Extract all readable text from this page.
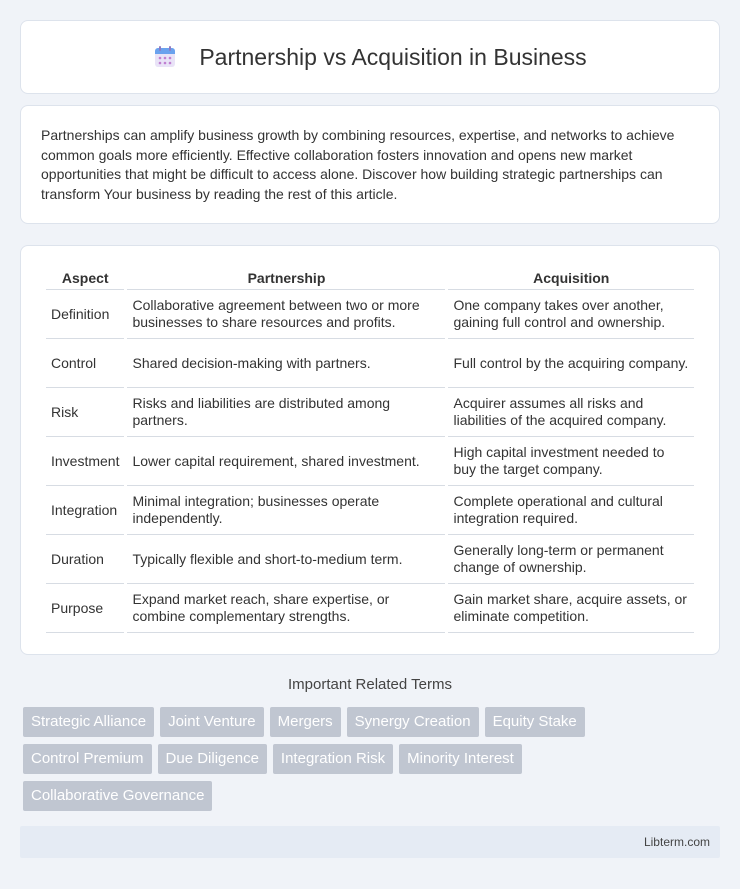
Partnership vs Acquisition in Business

Partnerships can amplify business growth by combining resources, expertise, and networks to achieve common goals more efficiently. Effective collaboration fosters innovation and opens new market opportunities that might be difficult to access alone. Discover how building strategic partnerships can transform Your business by reading the rest of this article.

Aspect	Partnership	Acquisition
Definition	Collaborative agreement between two or more businesses to share resources and profits.	One company takes over another, gaining full control and ownership.
Control	Shared decision-making with partners.	Full control by the acquiring company.
Risk	Risks and liabilities are distributed among partners.	Acquirer assumes all risks and liabilities of the acquired company.
Investment	Lower capital requirement, shared investment.	High capital investment needed to buy the target company.
Integration	Minimal integration; businesses operate independently.	Complete operational and cultural integration required.
Duration	Typically flexible and short-to-medium term.	Generally long-term or permanent change of ownership.
Purpose	Expand market reach, share expertise, or combine complementary strengths.	Gain market share, acquire assets, or eliminate competition.
Important Related Terms
Strategic Alliance	Joint Venture	Mergers	Synergy Creation	Equity Stake
Control Premium	Due Diligence	Integration Risk	Minority Interest
Collaborative Governance
Libterm.com
